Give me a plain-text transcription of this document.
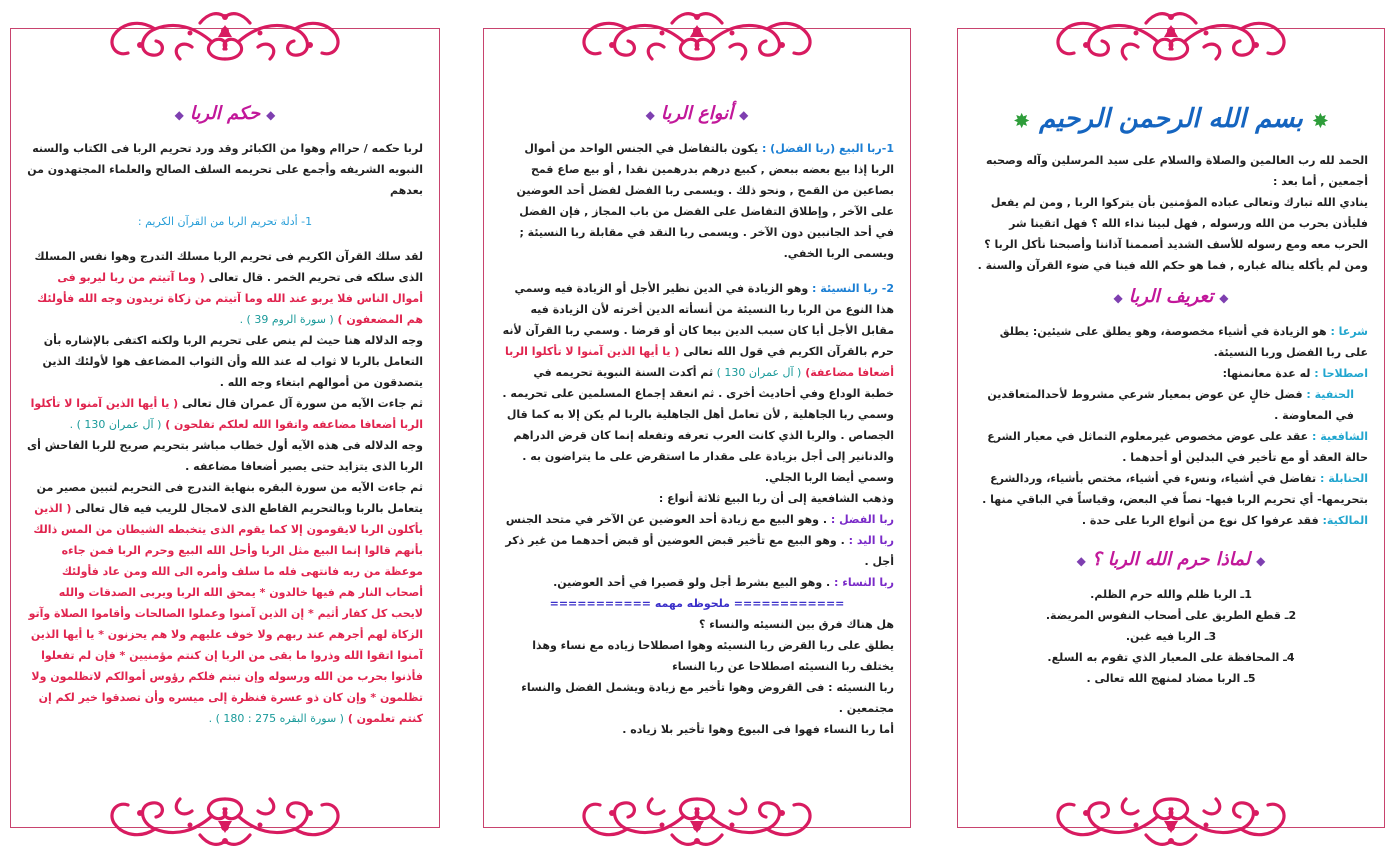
◆حكم الربا◆

لربا حكمه / حراام وهوا من الكبائر وقد ورد تحريم الربا فى الكتاب والسنه النبويه الشريفه وأجمع على تحريمه السلف الصالح والعلماء المجتهدون من بعدهم

1- أدلة تحريم الربا من القرآن الكريم :

لقد سلك القرآن الكريم فى تحريم الربا مسلك التدرج وهوا نفس المسلك الذى سلكه فى تحريم الخمر . قال تعالى ( وما آتيتم من ربا ليربو فى أموال الناس فلا يربو عند الله وما آتيتم من زكاة تريدون وجه الله فأولئك هم المضعفون ) ( سورة الروم 39 ) .

وجه الدلاله هنا حيث لم ينص على تحريم الربا ولكنه اكتفى بالإشاره بأن التعامل بالربا لا ثواب له عند الله وأن الثواب المضاعف هوا لأولئك الذين يتصدقون من أموالهم ابتغاء وجه الله .

ثم جاءت الآيه من سورة آل عمران قال تعالى ( يا أيها الذين آمنوا لا تأكلوا الربا أضعافا مضاعفه واتقوا الله لعلكم تفلحون ) ( آل عمران 130 ) .

وجه الدلاله فى هذه الآيه أول خطاب مباشر بتحريم صريح للربا الفاحش أى الربا الذى يتزايد حتى يصير أضعافا مضاعفه .

ثم جاءت الآيه من سورة البقره بنهاية التدرج فى التحريم لتبين مصير من يتعامل بالربا وبالتحريم القاطع الذى لامجال للريب فيه قال تعالى ( الذين يأكلون الربا لايقومون إلا كما يقوم الذى يتخبطه الشيطان من المس ذالك بأنهم قالوا إنما البيع مثل الربا وأحل الله البيع وحرم الربا فمن جاءه موعظة من ربه فانتهى فله ما سلف وأمره الى الله ومن عاد فأولئك أصحاب النار هم فيها خالدون * يمحق الله الربا ويربى الصدقات والله لايحب كل كفار أثيم * إن الذين آمنوا وعملوا الصالحات وأقاموا الصلاة وآتو الزكاة لهم أجرهم عند ربهم ولا خوف عليهم ولا هم يحزنون * يا أيها الذين آمنوا اتقوا الله وذروا ما بقى من الربا إن كنتم مؤمنيين * فإن لم تفعلوا فأذنوا بحرب من الله ورسوله وإن تبتم فلكم رؤوس أموالكم لاتظلمون ولا تظلمون * وإن كان ذو عسرة فنظرة إلى ميسره وأن تصدقوا خير لكم إن كنتم تعلمون ) ( سورة البقره 275 : 180 ) .

◆أنواع الربا◆

1-ربا البيع (ربا الفضل) : يكون بالتفاضل في الجنس الواحد من أموال الربا إذا بيع بعضه ببعض , كبيع درهم بدرهمين نقدا , أو بيع صاع قمح بصاعين من القمح , ونحو ذلك . ويسمى ربا الفضل لفضل أحد العوضين على الآخر , وإطلاق التفاضل على الفضل من باب المجاز , فإن الفضل في أحد الجانبين دون الآخر . ويسمى ربا النقد في مقابلة ربا النسيئة ; ويسمى الربا الخفي.

2- ربا النسيئة : وهو الزيادة في الدين نظير الأجل أو الزيادة فيه وسمي هذا النوع من الربا ربا النسيئة من أنسأته الدين أخرته لأن الزيادة فيه مقابل الأجل أيا كان سبب الدين بيعا كان أو قرضا . وسمي ربا القرآن لأنه حرم بالقرآن الكريم في قول الله تعالى ( يا أيها الذين آمنوا لا تأكلوا الربا أضعافا مضاعفة) ( آل عمران 130 ) ثم أكدت السنة النبوية تحريمه في خطبة الوداع وفي أحاديث أخرى . ثم انعقد إجماع المسلمين على تحريمه . وسمي ربا الجاهلية , لأن تعامل أهل الجاهلية بالربا لم يكن إلا به كما قال الجصاص . والربا الذي كانت العرب تعرفه وتفعله إنما كان قرض الدراهم والدنانير إلى أجل بزيادة على مقدار ما استقرض على ما يتراضون به . وسمي أيضا الربا الجلي.

وذهب الشافعية إلى أن ربا البيع ثلاثة أنواع :

ربا الفضل : . وهو البيع مع زيادة أحد العوضين عن الآخر في متحد الجنس

ربا اليد : . وهو البيع مع تأخير قبض العوضين أو قبض أحدهما من غير ذكر أجل .

ربا النساء : . وهو البيع بشرط أجل ولو قصيرا في أحد العوضين.

============ ملحوظه مهمه ===========

هل هناك فرق بين النسيئه والنساء ؟

يطلق على ربا القرض ربا النسيئه وهوا اصطلاحا زياده مع نساء وهذا يختلف ربا النسيئه اصطلاحا عن ربا النساء

ربا النسيئه : فى القروض وهوا تأخير مع زيادة ويشمل الفضل والنساء مجتمعين .

أما ربا النساء فهوا فى البيوع وهوا تأخير بلا زياده .

✸بسم الله الرحمن الرحيم✸

الحمد لله رب العالمين والصلاة والسلام على سيد المرسلين وآله وصحبه أجمعين , أما بعد :

ينادي الله تبارك وتعالى عباده المؤمنين بأن يتركوا الربا , ومن لم يفعل فليأذن بحرب من الله ورسوله , فهل لبينا نداء الله ؟ فهل اتقينا شر الحرب معه ومع رسوله للأسف الشديد أصممنا آذاننا وأصبحنا نأكل الربا ؟ ومن لم يأكله يناله غباره , فما هو حكم الله فينا في ضوء القرآن والسنة .

◆تعريف الربا◆

شرعا : هو الزيادة في أشياء مخصوصة، وهو يطلق على شيئين: يطلق على ربا الفضل وربا النسيئة.

اصطلاحا : له عدة معانمنها:

الحنفية : فضل خالٍ عن عوض بمعيار شرعي مشروط لأحدالمتعاقدين في المعاوضة .

الشافعية : عقد على عوض مخصوص غيرمعلوم التماثل في معيار الشرع حالة العقد أو مع تأخير في البدلين أو أحدهما .

الحنابلة : تفاضل في أشياء، ونسء في أشياء، مختص بأشياء، وردالشرع بتحريمها- أي تحريم الربا فيها- نصاً في البعض، وقياساً في الباقي منها .

المالكية: فقد عرفوا كل نوع من أنواع الربا على حدة .

◆لماذا حرم الله الربا ؟◆

1ـ الربا ظلم والله حرم الظلم.

2ـ قطع الطريق على أصحاب النفوس المريضة.

3ـ الربا فيه غبن.

4ـ المحافظة على المعيار الذي تقوم به السلع.

5ـ الربا مضاد لمنهج الله تعالى .
